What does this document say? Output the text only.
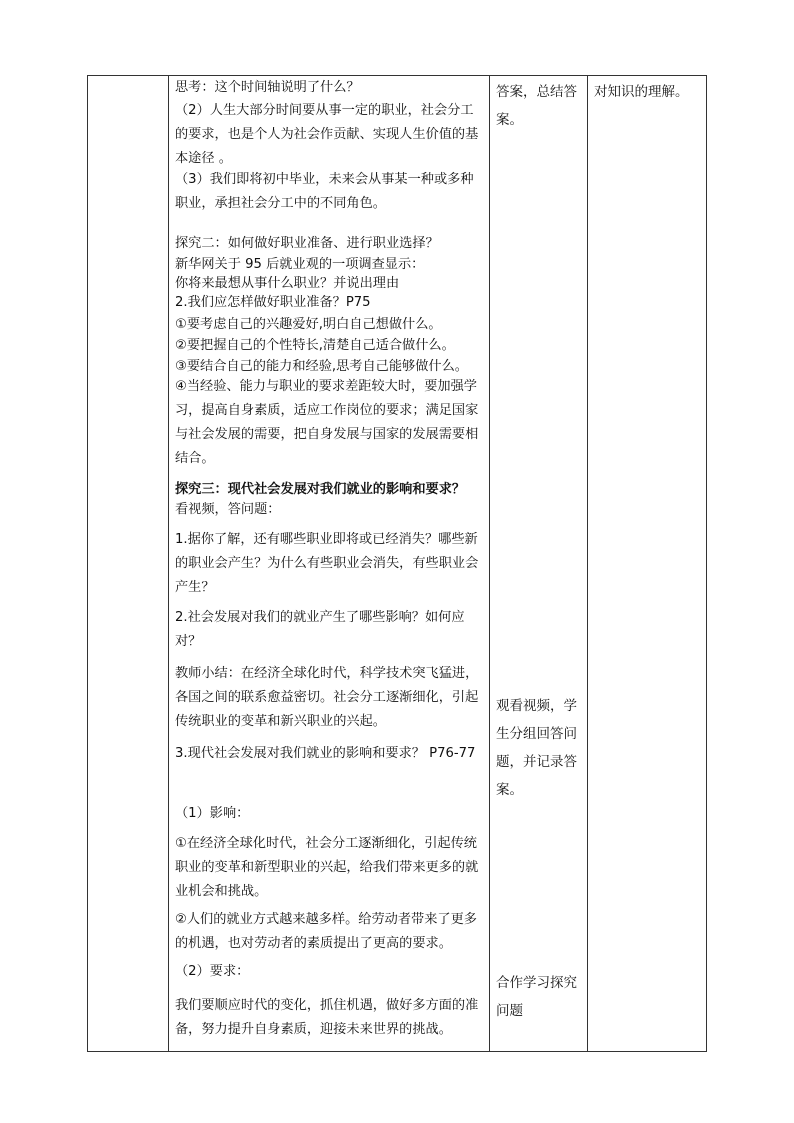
思考：这个时间轴说明了什么？

（2）人生大部分时间要从事一定的职业，社会分工的要求，也是个人为社会作贡献、实现人生价值的基本途径 。

（3）我们即将初中毕业，未来会从事某一种或多种职业，承担社会分工中的不同角色。

探究二：如何做好职业准备、进行职业选择？

新华网关于 95 后就业观的一项调查显示：

你将来最想从事什么职业？并说出理由

2.我们应怎样做好职业准备？P75

①要考虑自己的兴趣爱好,明白自己想做什么。

②要把握自己的个性特长,清楚自己适合做什么。

③要结合自己的能力和经验,思考自己能够做什么。

④当经验、能力与职业的要求差距较大时，要加强学习，提高自身素质，适应工作岗位的要求；满足国家与社会发展的需要，把自身发展与国家的发展需要相结合。

探究三：现代社会发展对我们就业的影响和要求？

看视频，答问题：

1.据你了解，还有哪些职业即将或已经消失？哪些新的职业会产生？为什么有些职业会消失，有些职业会产生？

2.社会发展对我们的就业产生了哪些影响？如何应对？

教师小结：在经济全球化时代，科学技术突飞猛进，各国之间的联系愈益密切。社会分工逐渐细化，引起传统职业的变革和新兴职业的兴起。

3.现代社会发展对我们就业的影响和要求？ P76-77

（1）影响：

①在经济全球化时代，社会分工逐渐细化，引起传统职业的变革和新型职业的兴起，给我们带来更多的就业机会和挑战。

②人们的就业方式越来越多样。给劳动者带来了更多的机遇，也对劳动者的素质提出了更高的要求。

（2）要求：

我们要顺应时代的变化，抓住机遇，做好多方面的准备，努力提升自身素质，迎接未来世界的挑战。

答案，总结答案。

观看视频，学生分组回答问题，并记录答案。

合作学习探究问题

对知识的理解。
